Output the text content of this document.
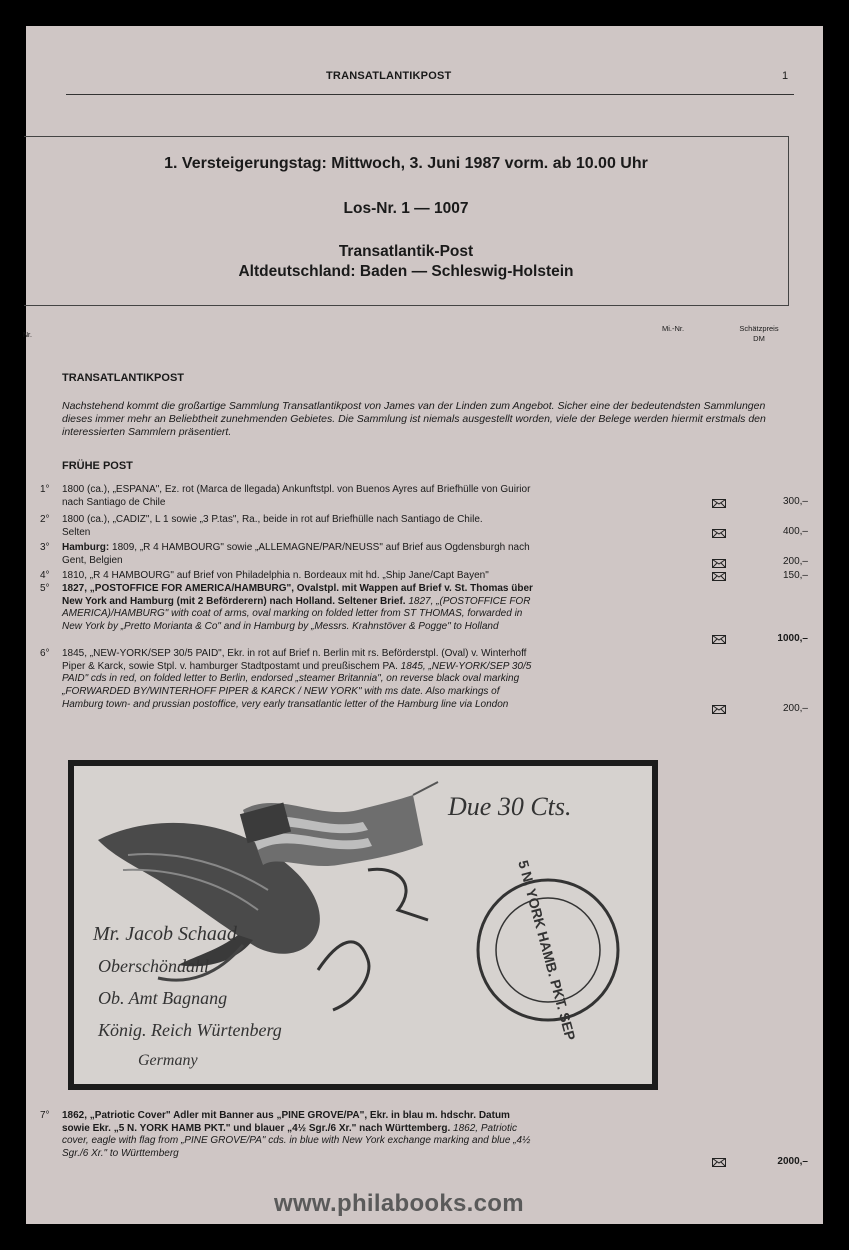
TRANSATLANTIKPOST	1
1. Versteigerungstag: Mittwoch, 3. Juni 1987 vorm. ab 10.00 Uhr
Los-Nr. 1 — 1007
Transatlantik-Post
Altdeutschland: Baden — Schleswig-Holstein
Nr.
Mi.-Nr.	Schätzpreis
DM
TRANSATLANTIKPOST
Nachstehend kommt die großartige Sammlung Transatlantikpost von James van der Linden zum Angebot. Sicher eine der bedeutendsten Sammlungen dieses immer mehr an Beliebtheit zunehmenden Gebietes. Die Sammlung ist niemals ausgestellt worden, viele der Belege werden hiermit erstmals den interessierten Sammlern präsentiert.
FRÜHE POST
1°	1800 (ca.), „ESPANA", Ez. rot (Marca de llegada) Ankunftstpl. von Buenos Ayres auf Briefhülle von Guirior
nach Santiago de Chile	300,–
2°	1800 (ca.), „CADIZ", L 1 sowie „3 P.tas", Ra., beide in rot auf Briefhülle nach Santiago de Chile.
Selten	400,–
3°	Hamburg: 1809, „R 4 HAMBOURG" sowie „ALLEMAGNE/PAR/NEUSS" auf Brief aus Ogdensburgh nach
Gent, Belgien	200,–
4°	1810, „R 4 HAMBOURG" auf Brief von Philadelphia n. Bordeaux mit hd. „Ship Jane/Capt Bayen"	150,–
5°	1827, „POSTOFFICE FOR AMERICA/HAMBURG", Ovalstpl. mit Wappen auf Brief v. St. Thomas über
New York and Hamburg (mit 2 Beförderern) nach Holland. Seltener Brief. 1827, „(POSTOFFICE FOR
AMERICA)/HAMBURG" with coat of arms, oval marking on folded letter from ST THOMAS, forwarded in
New York by „Pretto Morianta & Co" and in Hamburg by „Messrs. Krahnstöver & Pogge" to Holland
1000,–
6°	1845, „NEW-YORK/SEP 30/5 PAID", Ekr. in rot auf Brief n. Berlin mit rs. Beförderstpl. (Oval) v. Winterhoff
Piper & Karck, sowie Stpl. v. hamburger Stadtpostamt und preußischem PA. 1845, „NEW-YORK/SEP 30/5
PAID" cds in red, on folded letter to Berlin, endorsed „steamer Britannia", on reverse black oval marking
„FORWARDED BY/WINTERHOFF PIPER & KARCK / NEW YORK" with ms date. Also markings of
Hamburg town- and prussian postoffice, very early transatlantic letter of the Hamburg line via London	200,–
Due 30 Cts.
Mr. Jacob Schaad
Oberschöndahl
Ob. Amt Bagnang
König. Reich Würtenberg
Germany
5 N. YORK HAMB. PKT. SEP
7°	1862, „Patriotic Cover" Adler mit Banner aus „PINE GROVE/PA", Ekr. in blau m. hdschr. Datum
sowie Ekr. „5 N. YORK HAMB PKT." und blauer „4½ Sgr./6 Xr." nach Württemberg. 1862, Patriotic
cover, eagle with flag from „PINE GROVE/PA" cds. in blue with New York exchange marking and blue „4½
Sgr./6 Xr." to Württemberg
2000,–
www.philabooks.com
